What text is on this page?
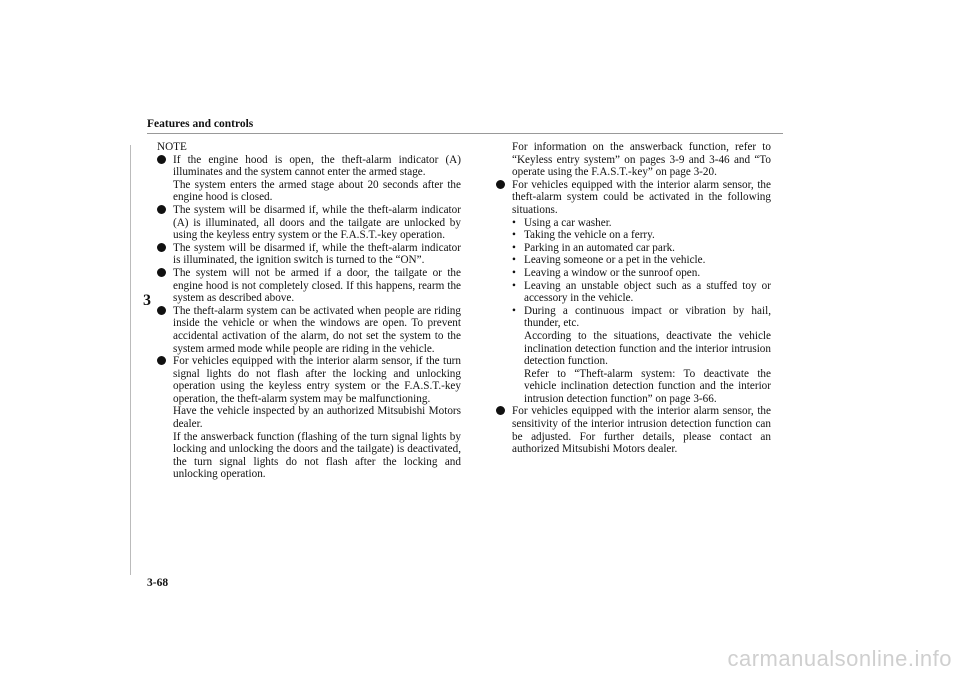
Features and controls
3

NOTE

If the engine hood is open, the theft-alarm indicator (A) illuminates and the system cannot enter the armed stage.

The system enters the armed stage about 20 seconds after the engine hood is closed.

The system will be disarmed if, while the theft-alarm indicator (A) is illuminated, all doors and the tailgate are unlocked by using the keyless entry system or the F.A.S.T.-key operation.

The system will be disarmed if, while the theft-alarm indicator is illuminated, the ignition switch is turned to the “ON”.

The system will not be armed if a door, the tailgate or the engine hood is not completely closed. If this happens, rearm the system as described above.

The theft-alarm system can be activated when people are riding inside the vehicle or when the windows are open. To prevent accidental activation of the alarm, do not set the system to the system armed mode while people are riding in the vehicle.

For vehicles equipped with the interior alarm sensor, if the turn signal lights do not flash after the locking and unlocking operation using the keyless entry system or the F.A.S.T.-key operation, the theft-alarm system may be malfunctioning.

Have the vehicle inspected by an authorized Mitsubishi Motors dealer.

If the answerback function (flashing of the turn signal lights by locking and unlocking the doors and the tailgate) is deactivated, the turn signal lights do not flash after the locking and unlocking operation.

For information on the answerback function, refer to “Keyless entry system” on pages 3-9 and 3-46 and “To operate using the F.A.S.T.-key” on page 3-20.

For vehicles equipped with the interior alarm sensor, the theft-alarm system could be activated in the following situations.

• Using a car washer.
• Taking the vehicle on a ferry.
• Parking in an automated car park.
• Leaving someone or a pet in the vehicle.
• Leaving a window or the sunroof open.
• Leaving an unstable object such as a stuffed toy or accessory in the vehicle.
• During a continuous impact or vibration by hail, thunder, etc.

According to the situations, deactivate the vehicle inclination detection function and the interior intrusion detection function.

Refer to “Theft-alarm system: To deactivate the vehicle inclination detection function and the interior intrusion detection function” on page 3-66.

For vehicles equipped with the interior alarm sensor, the sensitivity of the interior intrusion detection function can be adjusted. For further details, please contact an authorized Mitsubishi Motors dealer.

3-68
carmanualsonline.info
